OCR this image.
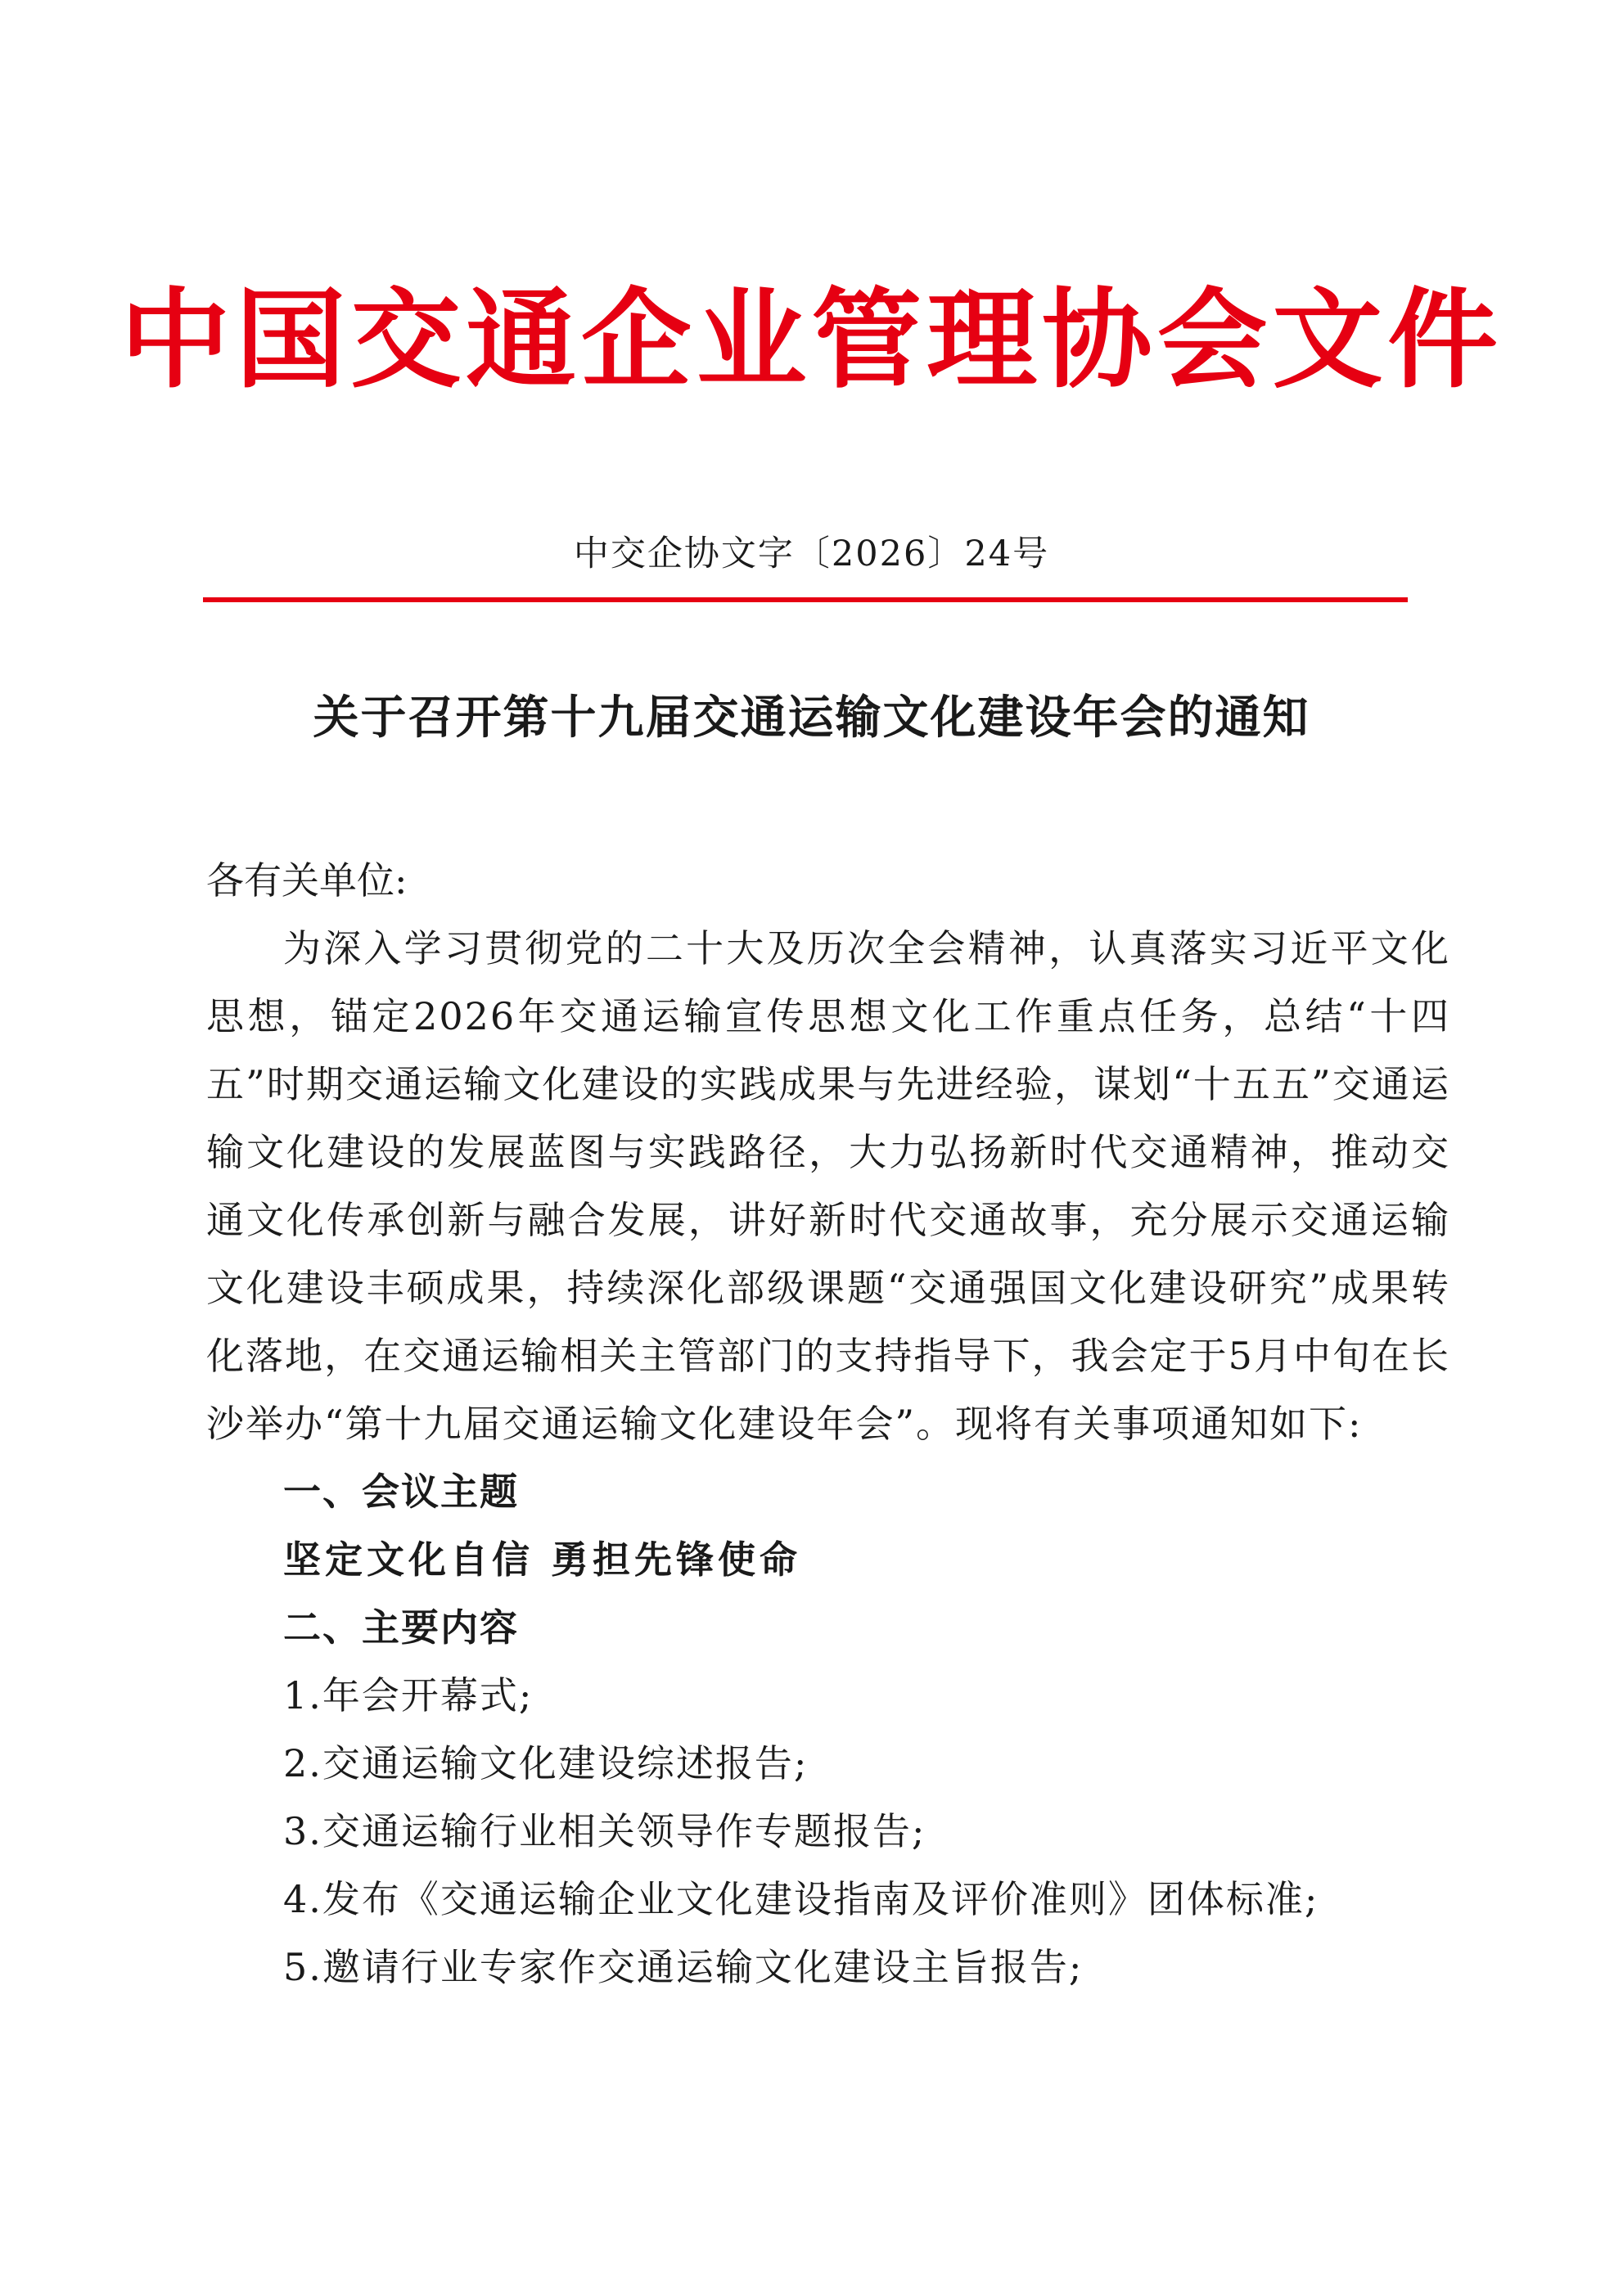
中国交通企业管理协会文件
中交企协文字〔2026〕24号
关于召开第十九届交通运输文化建设年会的通知

各有关单位:

为深入学习贯彻党的二十大及历次全会精神，认真落实习近平文化思想，锚定2026年交通运输宣传思想文化工作重点任务，总结“十四五”时期交通运输文化建设的实践成果与先进经验，谋划“十五五”交通运输文化建设的发展蓝图与实践路径，大力弘扬新时代交通精神，推动交通文化传承创新与融合发展，讲好新时代交通故事，充分展示交通运输文化建设丰硕成果，持续深化部级课题“交通强国文化建设研究”成果转化落地，在交通运输相关主管部门的支持指导下，我会定于5月中旬在长沙举办“第十九届交通运输文化建设年会”。现将有关事项通知如下:

一、会议主题

坚定文化自信 勇担先锋使命

二、主要内容

1.年会开幕式;
2.交通运输文化建设综述报告;
3.交通运输行业相关领导作专题报告;
4.发布《交通运输企业文化建设指南及评价准则》团体标准;
5.邀请行业专家作交通运输文化建设主旨报告;
